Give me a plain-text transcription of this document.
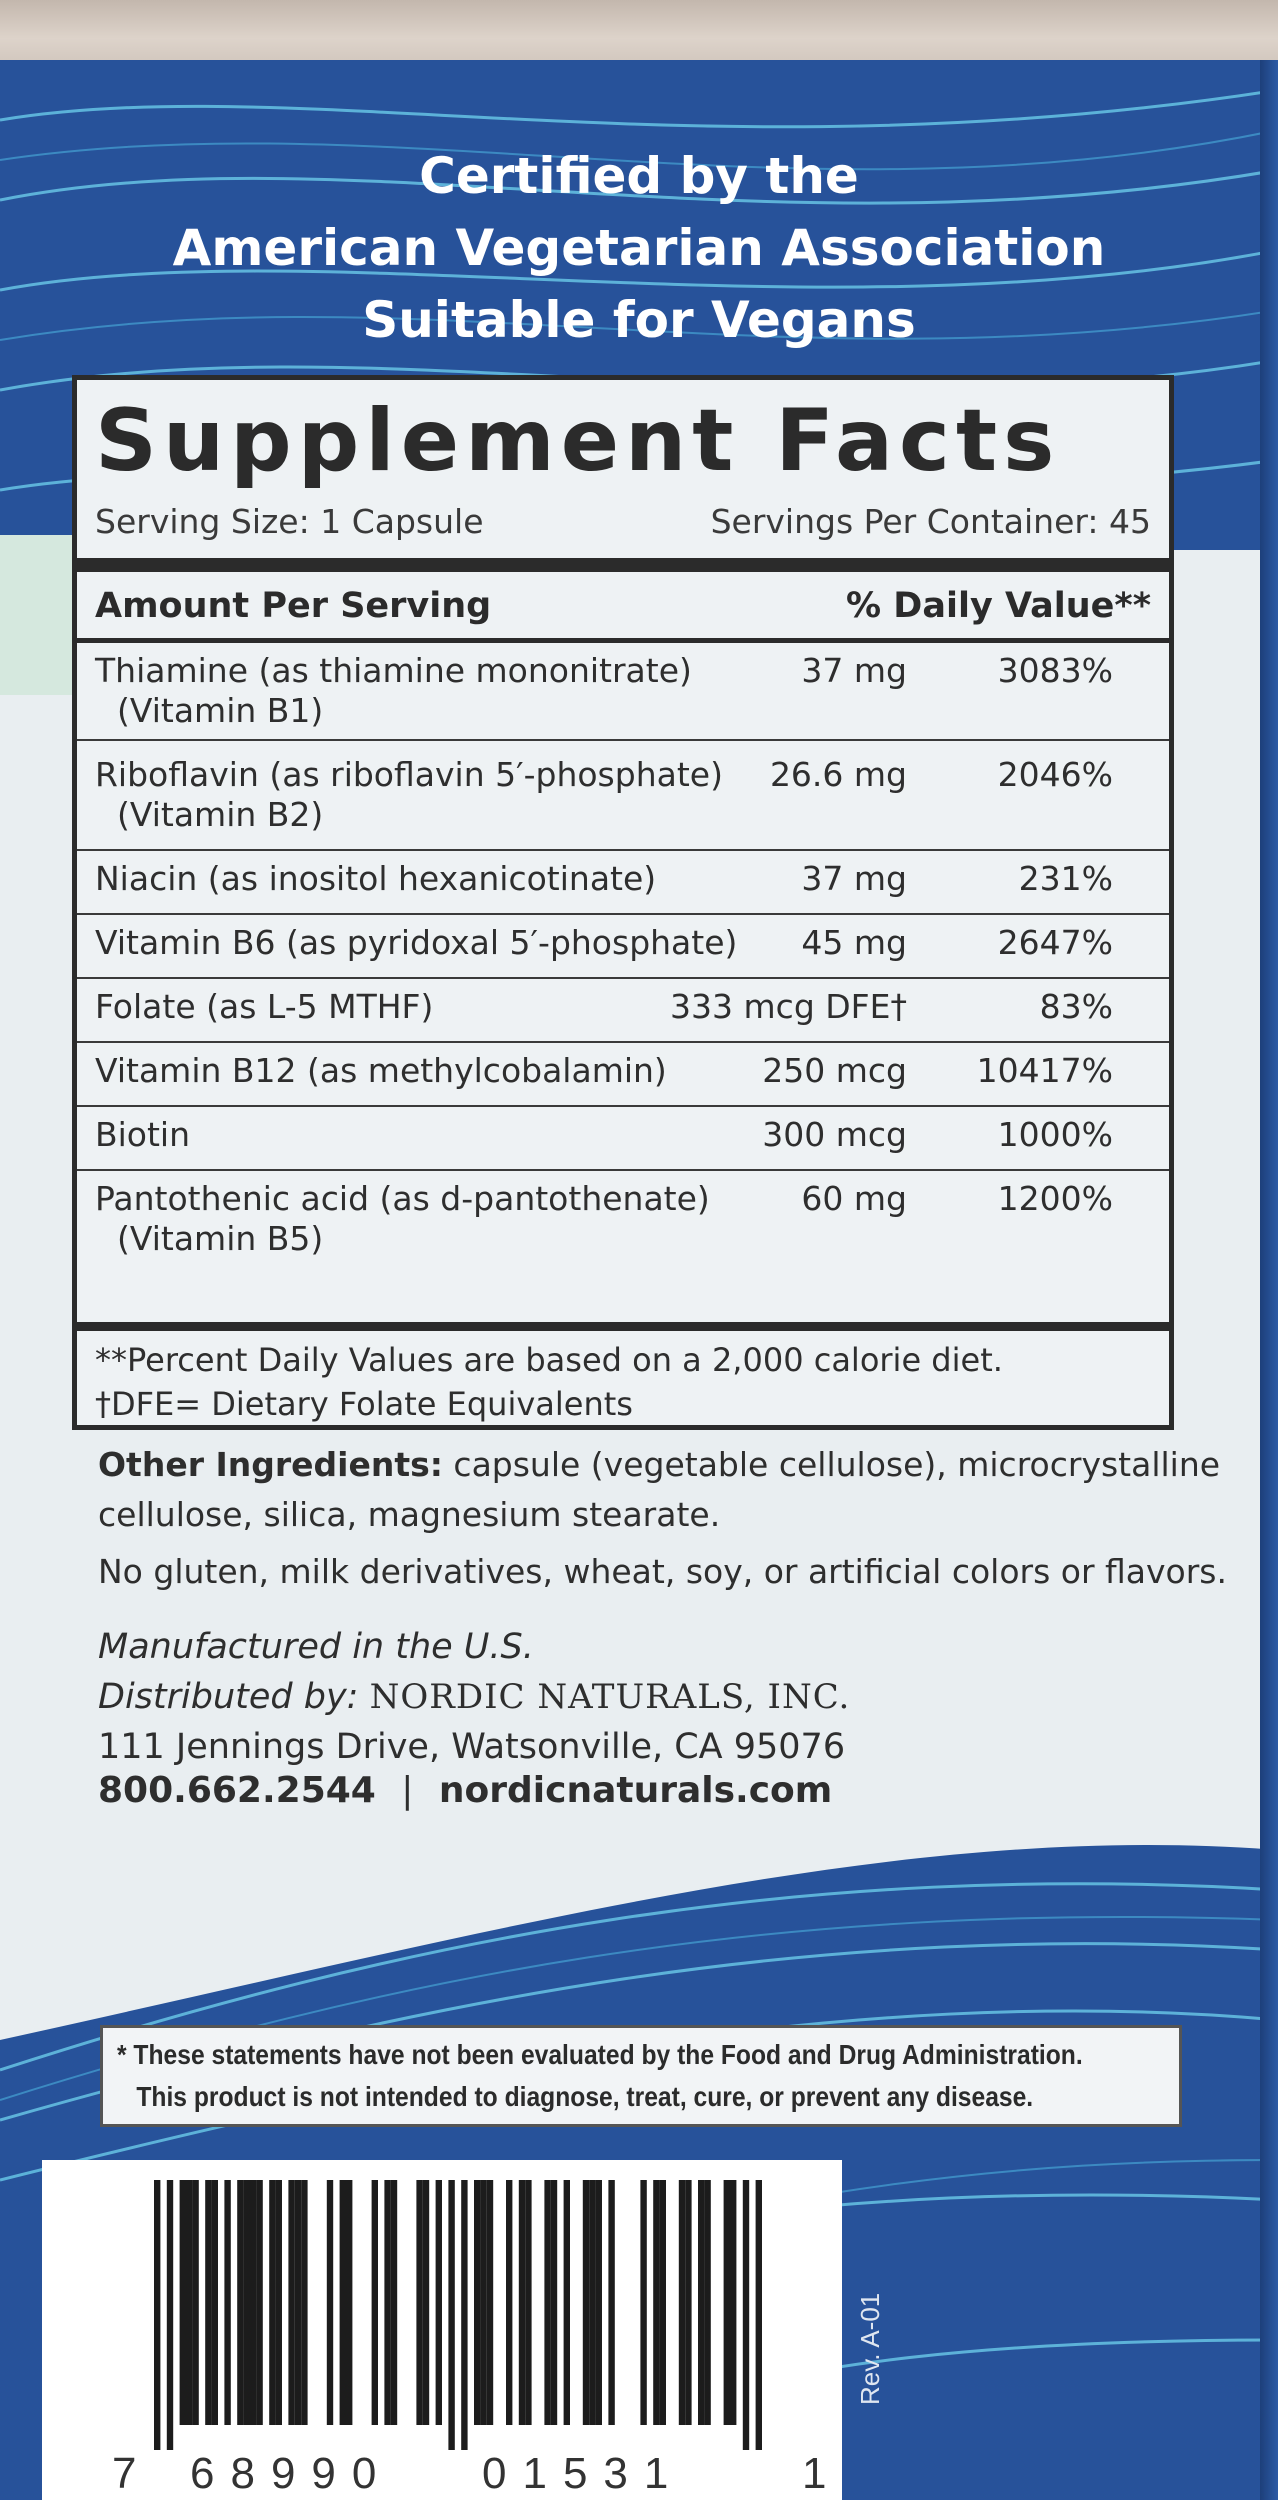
Certified by the
American Vegetarian Association
Suitable for Vegans
Supplement Facts
Serving Size: 1 Capsule	Servings Per Container: 45
Amount Per Serving	% Daily Value**
Thiamine (as thiamine mononitrate)
(Vitamin B1)
37 mg	3083%
Riboflavin (as riboflavin 5′-phosphate)
(Vitamin B2)
26.6 mg	2046%
Niacin (as inositol hexanicotinate)	37 mg	231%
Vitamin B6 (as pyridoxal 5′-phosphate) 45 mg	2647%
Folate (as L-5 MTHF)	333 mcg DFE†	83%
Vitamin B12 (as methylcobalamin)	250 mcg 10417%
Biotin	300 mcg	1000%
Pantothenic acid (as d-pantothenate)
(Vitamin B5)
60 mg	1200%
**Percent Daily Values are based on a 2,000 calorie diet.
†DFE= Dietary Folate Equivalents
Other Ingredients: capsule (vegetable cellulose), microcrystalline
cellulose, silica, magnesium stearate.
No gluten, milk derivatives, wheat, soy, or artificial colors or flavors.
Manufactured in the U.S.
Distributed by: NORDIC NATURALS, INC.
111 Jennings Drive, Watsonville, CA 95076
800.662.2544 | nordicnaturals.com
* These statements have not been evaluated by the Food and Drug Administration.
This product is not intended to diagnose, treat, cure, or prevent any disease.
7 68990 01531	1
Rev. A-01
